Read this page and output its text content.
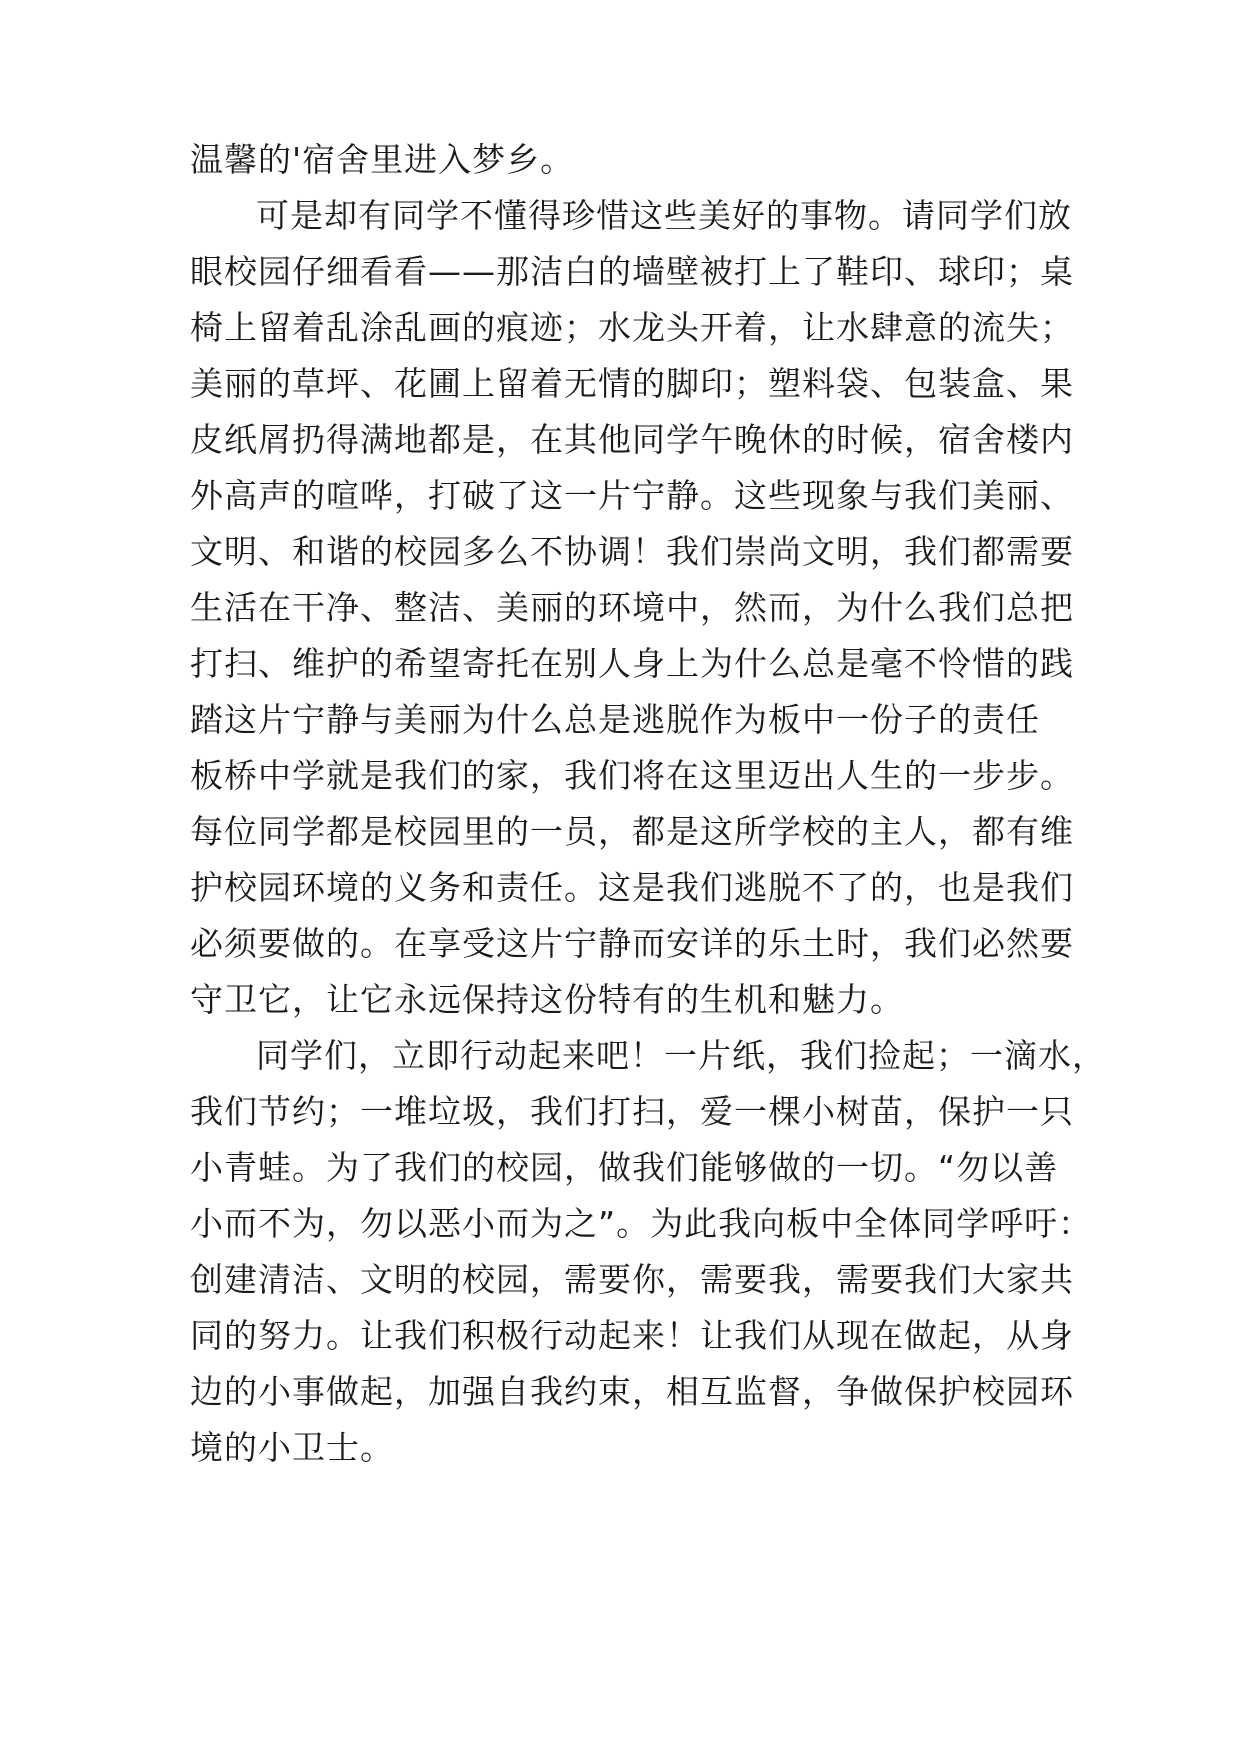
温馨的'宿舍里进入梦乡。
可是却有同学不懂得珍惜这些美好的事物。请同学们放
眼校园仔细看看——那洁白的墙壁被打上了鞋印、球印；桌
椅上留着乱涂乱画的痕迹；水龙头开着，让水肆意的流失；
美丽的草坪、花圃上留着无情的脚印；塑料袋、包装盒、果
皮纸屑扔得满地都是，在其他同学午晚休的时候，宿舍楼内
外高声的喧哗，打破了这一片宁静。这些现象与我们美丽、
文明、和谐的校园多么不协调！我们崇尚文明，我们都需要
生活在干净、整洁、美丽的环境中，然而，为什么我们总把
打扫、维护的希望寄托在别人身上为什么总是毫不怜惜的践
踏这片宁静与美丽为什么总是逃脱作为板中一份子的责任
板桥中学就是我们的家，我们将在这里迈出人生的一步步。
每位同学都是校园里的一员，都是这所学校的主人，都有维
护校园环境的义务和责任。这是我们逃脱不了的，也是我们
必须要做的。在享受这片宁静而安详的乐土时，我们必然要
守卫它，让它永远保持这份特有的生机和魅力。
同学们，立即行动起来吧！一片纸，我们捡起；一滴水，
我们节约；一堆垃圾，我们打扫，爱一棵小树苗，保护一只
小青蛙。为了我们的校园，做我们能够做的一切。“勿以善
小而不为，勿以恶小而为之”。为此我向板中全体同学呼吁：
创建清洁、文明的校园，需要你，需要我，需要我们大家共
同的努力。让我们积极行动起来！让我们从现在做起，从身
边的小事做起，加强自我约束，相互监督，争做保护校园环
境的小卫士。
